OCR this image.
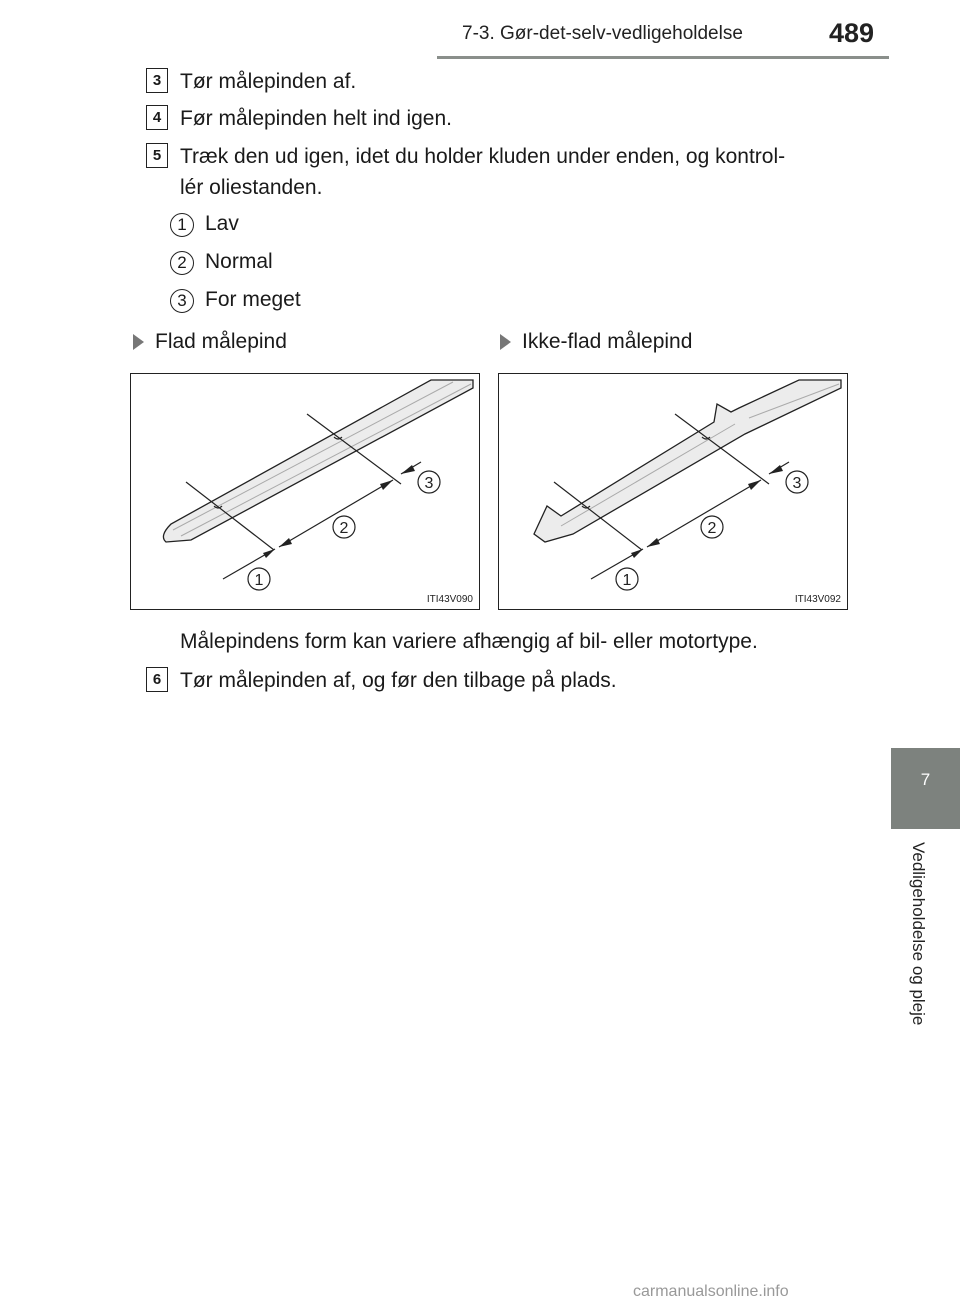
7-3. Gør-det-selv-vedligeholdelse	489
7
Vedligeholdelse og pleje
3 Tør målepinden af.
4 Før målepinden helt ind igen.
5 Træk den ud igen, idet du holder kluden under enden, og kontrol-
lér oliestanden.
1 Lav
2 Normal
3 For meget
Flad målepind	Ikke-flad målepind
1
2
3
ITI43V090
1
2
3
ITI43V092
Målepindens form kan variere afhængig af bil- eller motortype.
6 Tør målepinden af, og før den tilbage på plads.
carmanualsonline.info
